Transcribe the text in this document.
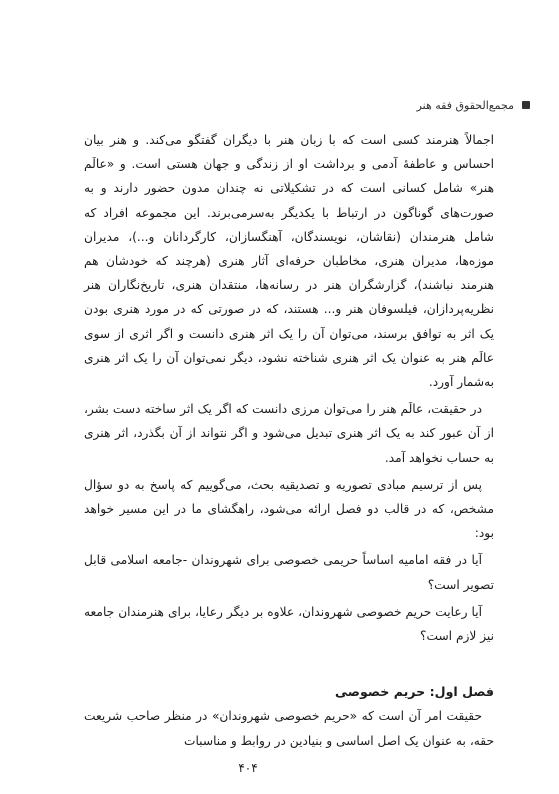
مجمع‌الحقوق فقه هنر

اجمالاً هنرمند کسی است که با زبان هنر با دیگران گفتگو می‌کند. و هنر بیان احساس و عاطفهٔ آدمی و برداشت او از زندگی و جهان هستی است. و «عالَم هنر» شامل کسانی است که در تشکیلاتی نه چندان مدون حضور دارند و به صورت‌های گوناگون در ارتباط با یکدیگر به‌سرمی‌برند. این مجموعه افراد که شامل هنرمندان (نقاشان، نویسندگان، آهنگسازان، کارگردانان و...)، مدیران موزه‌ها، مدیران هنری، مخاطبان حرفه‌ای آثار هنری (هرچند که خودشان هم هنرمند نباشند)، گزارشگران هنر در رسانه‌ها، منتقدان هنری، تاریخ‌نگاران هنر نظریه‌پردازان، فیلسوفان هنر و... هستند، که در صورتی که در مورد هنری بودن یک اثر به توافق برسند، می‌توان آن را یک اثر هنری دانست و اگر اثری از سوی عالَم هنر به عنوان یک اثر هنری شناخته نشود، دیگر نمی‌توان آن را یک اثر هنری به‌شمار آورد.

در حقیقت، عالَم هنر را می‌توان مرزی دانست که اگر یک اثر ساخته دست بشر، از آن عبور کند به یک اثر هنری تبدیل می‌شود و اگر نتواند از آن بگذرد، اثر هنری به حساب نخواهد آمد.

پس از ترسیم مبادی تصوریه و تصدیقیه بحث، می‌گوییم که پاسخ به دو سؤال مشخص، که در قالب دو فصل ارائه می‌شود، راهگشای ما در این مسیر خواهد بود:

آیا در فقه امامیه اساساً حریمی خصوصی برای شهروندان -جامعه اسلامی قابل تصویر است؟

آیا رعایت حریم خصوصی شهروندان، علاوه بر دیگر رعایا، برای هنرمندان جامعه نیز لازم است؟

فصل اول: حریم خصوصی

حقیقت امر آن است که «حریم خصوصی شهروندان» در منظر صاحب شریعت حقه، به عنوان یک اصل اساسی و بنیادین در روابط و مناسبات

۴۰۴
